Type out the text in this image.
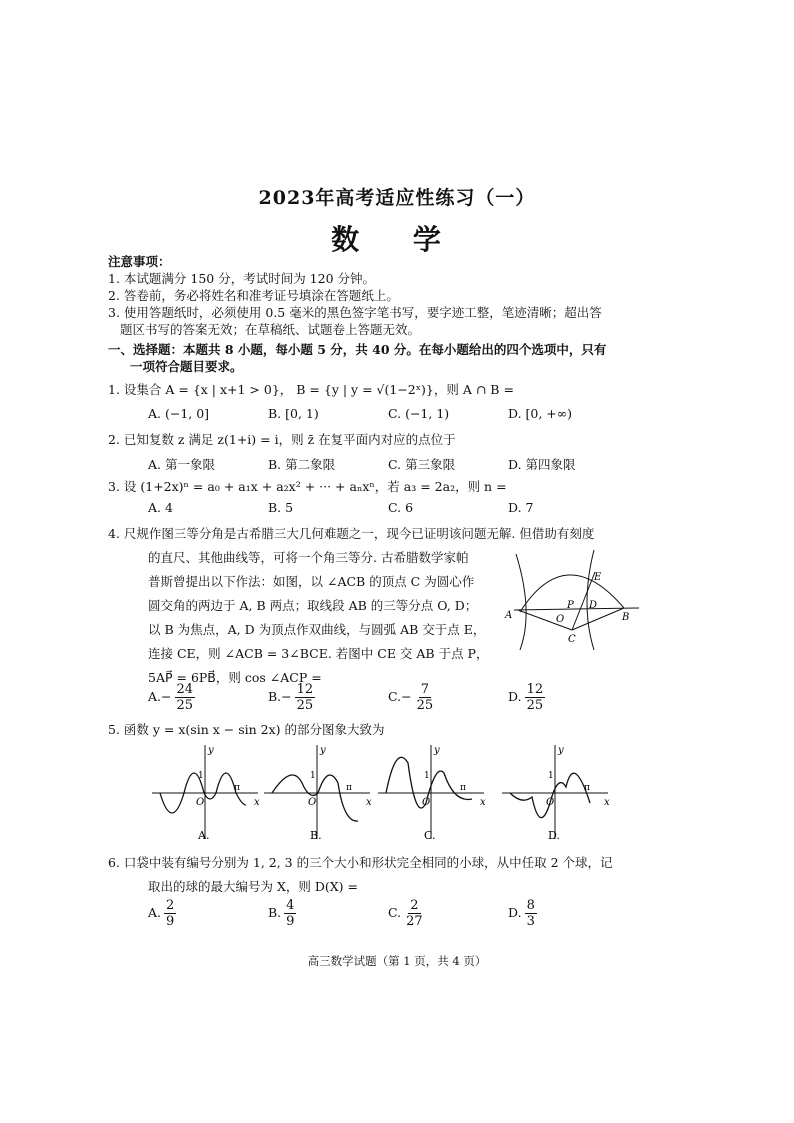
2023年高考适应性练习（一）
数 学
注意事项：
1. 本试题满分 150 分，考试时间为 120 分钟。
2. 答卷前，务必将姓名和准考证号填涂在答题纸上。
3. 使用答题纸时，必须使用 0.5 毫米的黑色签字笔书写，要字迹工整，笔迹清晰；超出答
题区书写的答案无效；在草稿纸、试题卷上答题无效。
一、选择题：本题共 8 小题，每小题 5 分，共 40 分。在每小题给出的四个选项中，只有
一项符合题目要求。
1. 设集合 A = {x | x+1 > 0}， B = {y | y = √(1−2ˣ)}，则 A ∩ B =
A. (−1, 0]	B. [0, 1)	C. (−1, 1)	D. [0, +∞)
2. 已知复数 z 满足 z(1+i) = i，则 z̄ 在复平面内对应的点位于
A. 第一象限	B. 第二象限	C. 第三象限	D. 第四象限
3. 设 (1+2x)ⁿ = a₀ + a₁x + a₂x² + ··· + aₙxⁿ，若 a₃ = 2a₂，则 n =
A. 4	B. 5	C. 6	D. 7
4. 尺规作图三等分角是古希腊三大几何难题之一，现今已证明该问题无解. 但借助有刻度
的直尺、其他曲线等，可将一个角三等分. 古希腊数学家帕
普斯曾提出以下作法：如图，以 ∠ACB 的顶点 C 为圆心作
圆交角的两边于 A, B 两点；取线段 AB 的三等分点 O, D；
以 B 为焦点，A, D 为顶点作双曲线，与圆弧 AB 交于点 E，
连接 CE，则 ∠ACB = 3∠BCE. 若图中 CE 交 AB 于点 P，
5AP⃗ = 6PB⃗，则 cos ∠ACP =
A	B
C
D
E
O
P
$A.- \frac{24}{25}$	$B.- \frac{12}{25}$	$C.- \frac{7}{25}$	D. $\frac{12}{25}$
5. 函数 y = x(sin x − sin 2x) 的部分图象大致为
y
x
O
π
1
A.
y
x
O
π
1
B.
y
x
O
π
1
C.
y
x
O
π
1
D.
6. 口袋中装有编号分别为 1, 2, 3 的三个大小和形状完全相同的小球，从中任取 2 个球，记
取出的球的最大编号为 X，则 D(X) =
A. $\frac{2}{9}$	B. $\frac{4}{9}$	C. $\frac{2}{27}$	D. $\frac{8}{3}$
高三数学试题（第 1 页，共 4 页）
